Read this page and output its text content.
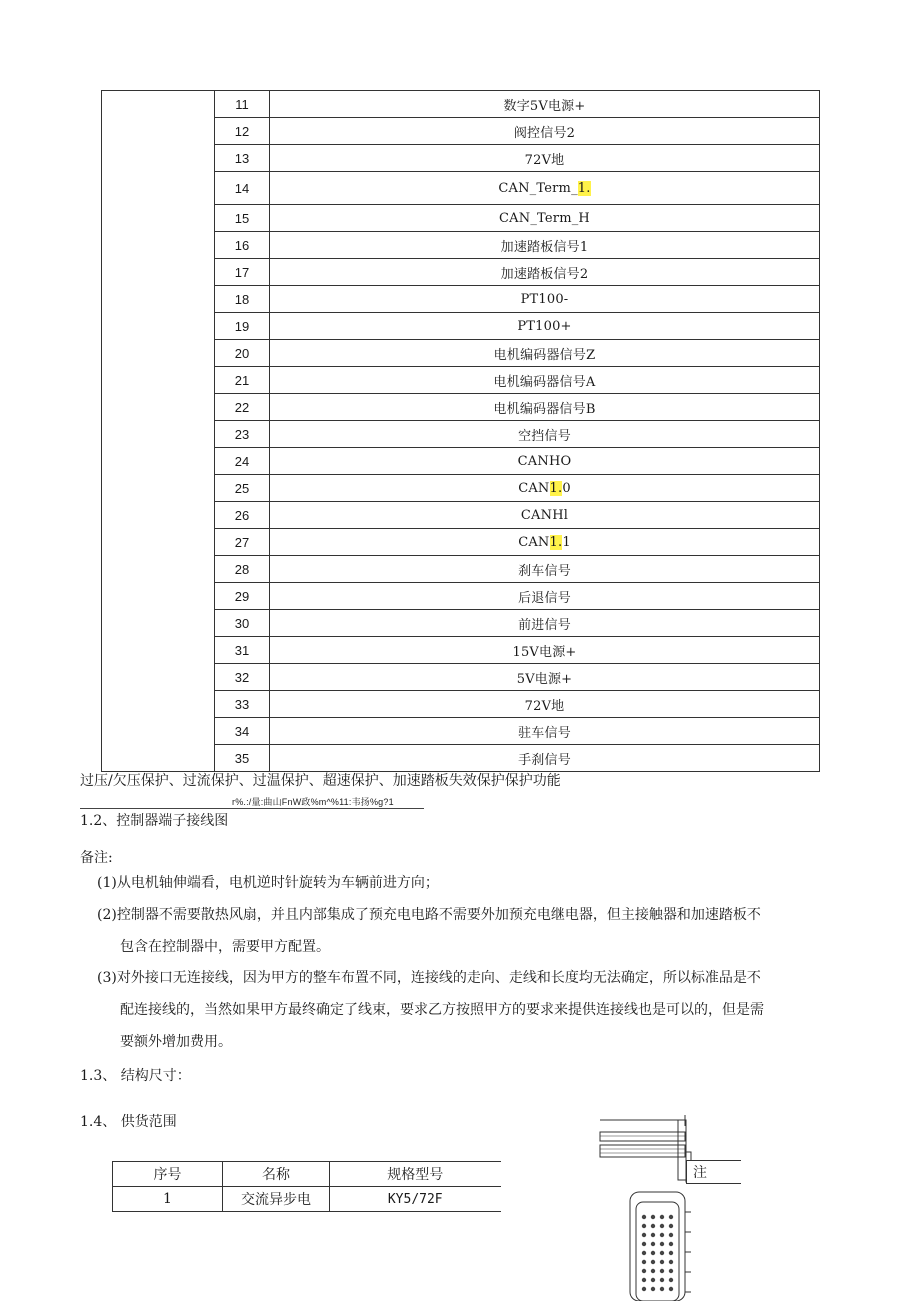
	11	数字5V电源+
	12	阀控信号2
	13	72V地
	14	CAN_Term_1.
	15	CAN_Term_H
	16	加速踏板信号1
	17	加速踏板信号2
	18	PT100-
	19	PT100+
	20	电机编码器信号Z
	21	电机编码器信号A
	22	电机编码器信号B
	23	空挡信号
	24	CANHO
	25	CAN1.0
	26	CANHl
	27	CAN1.1
	28	刹车信号
	29	后退信号
	30	前进信号
	31	15V电源+
	32	5V电源+
	33	72V地
	34	驻车信号
	35	手刹信号
过压/欠压保护、过流保护、过温保护、超速保护、加速踏板失效保护保护功能
r%.:/量:曲山FnW政%m^%11:韦扬%g?1
1.2、控制器端子接线图
备注:
(1)从电机轴伸端看，电机逆时针旋转为车辆前进方向；
(2)控制器不需要散热风扇，并且内部集成了预充电电路不需要外加预充电继电器，但主接触器和加速踏板不
包含在控制器中，需要甲方配置。
(3)对外接口无连接线，因为甲方的整车布置不同，连接线的走向、走线和长度均无法确定，所以标准品是不
配连接线的，当然如果甲方最终确定了线束，要求乙方按照甲方的要求来提供连接线也是可以的，但是需
要额外增加费用。
1.3、 结构尺寸：
1.4、 供货范围
序号	名称	规格型号
1	交流异步电	KY5/72F
注
